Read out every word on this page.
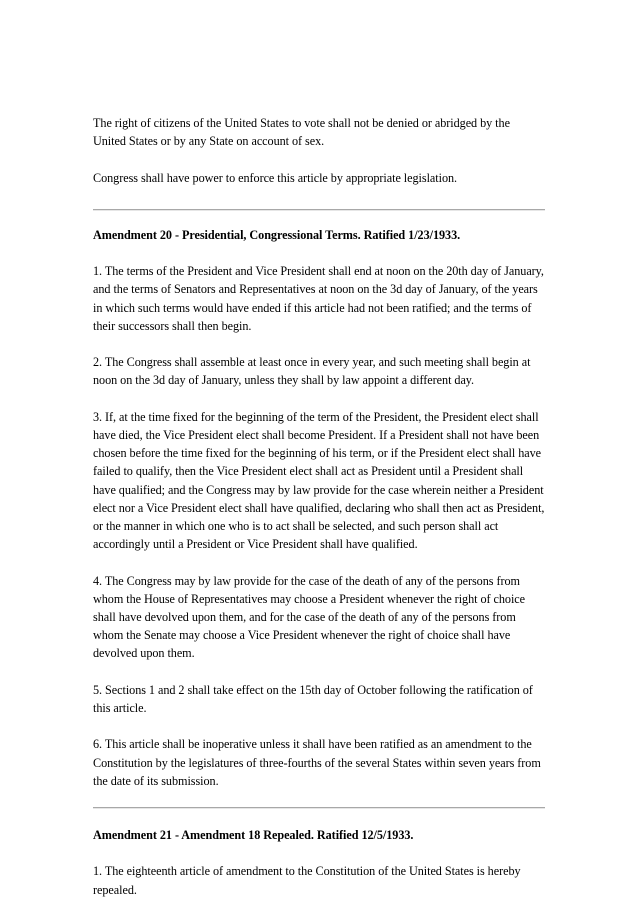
The right of citizens of the United States to vote shall not be denied or abridged by the United States or by any State on account of sex.

Congress shall have power to enforce this article by appropriate legislation.

Amendment 20 - Presidential, Congressional Terms. Ratified 1/23/1933.

1. The terms of the President and Vice President shall end at noon on the 20th day of January, and the terms of Senators and Representatives at noon on the 3d day of January, of the years in which such terms would have ended if this article had not been ratified; and the terms of their successors shall then begin.

2. The Congress shall assemble at least once in every year, and such meeting shall begin at noon on the 3d day of January, unless they shall by law appoint a different day.

3. If, at the time fixed for the beginning of the term of the President, the President elect shall have died, the Vice President elect shall become President. If a President shall not have been chosen before the time fixed for the beginning of his term, or if the President elect shall have failed to qualify, then the Vice President elect shall act as President until a President shall have qualified; and the Congress may by law provide for the case wherein neither a President elect nor a Vice President elect shall have qualified, declaring who shall then act as President, or the manner in which one who is to act shall be selected, and such person shall act accordingly until a President or Vice President shall have qualified.

4. The Congress may by law provide for the case of the death of any of the persons from whom the House of Representatives may choose a President whenever the right of choice shall have devolved upon them, and for the case of the death of any of the persons from whom the Senate may choose a Vice President whenever the right of choice shall have devolved upon them.

5. Sections 1 and 2 shall take effect on the 15th day of October following the ratification of this article.

6. This article shall be inoperative unless it shall have been ratified as an amendment to the Constitution by the legislatures of three-fourths of the several States within seven years from the date of its submission.

Amendment 21 - Amendment 18 Repealed. Ratified 12/5/1933.

1. The eighteenth article of amendment to the Constitution of the United States is hereby repealed.
